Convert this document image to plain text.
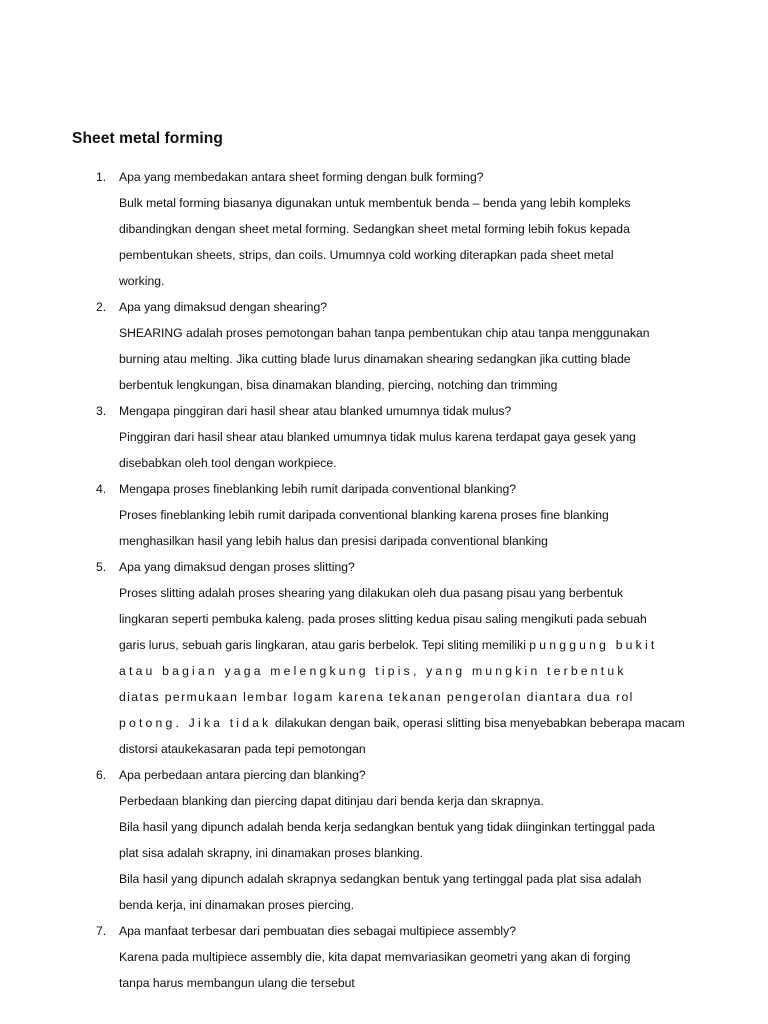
Sheet metal forming
1. Apa yang membedakan antara sheet forming dengan bulk forming?
Bulk metal forming biasanya digunakan untuk membentuk benda – benda yang lebih kompleks
dibandingkan dengan sheet metal forming. Sedangkan sheet metal forming lebih fokus kepada
pembentukan sheets, strips, dan coils. Umumnya cold working diterapkan pada sheet metal
working.
2. Apa yang dimaksud dengan shearing?
SHEARING adalah proses pemotongan bahan tanpa pembentukan chip atau tanpa menggunakan
burning atau melting. Jika cutting blade lurus dinamakan shearing sedangkan jika cutting blade
berbentuk lengkungan, bisa dinamakan blanding, piercing, notching dan trimming
3. Mengapa pinggiran dari hasil shear atau blanked umumnya tidak mulus?
Pinggiran dari hasil shear atau blanked umumnya tidak mulus karena terdapat gaya gesek yang
disebabkan oleh tool dengan workpiece.
4. Mengapa proses fineblanking lebih rumit daripada conventional blanking?
Proses fineblanking lebih rumit daripada conventional blanking karena proses fine blanking
menghasilkan hasil yang lebih halus dan presisi daripada conventional blanking
5. Apa yang dimaksud dengan proses slitting?
Proses slitting adalah proses shearing yang dilakukan oleh dua pasang pisau yang berbentuk
lingkaran seperti pembuka kaleng. pada proses slitting kedua pisau saling mengikuti pada sebuah
garis lurus, sebuah garis lingkaran, atau garis berbelok. Tepi sliting memiliki punggung bukit
atau bagian yaga melengkung tipis, yang mungkin terbentuk
diatas permukaan lembar logam karena tekanan pengerolan diantara dua rol
potong. Jika tidak dilakukan dengan baik, operasi slitting bisa menyebabkan beberapa macam
distorsi ataukekasaran pada tepi pemotongan
6. Apa perbedaan antara piercing dan blanking?
Perbedaan blanking dan piercing dapat ditinjau dari benda kerja dan skrapnya.
Bila hasil yang dipunch adalah benda kerja sedangkan bentuk yang tidak diinginkan tertinggal pada
plat sisa adalah skrapny, ini dinamakan proses blanking.
Bila hasil yang dipunch adalah skrapnya sedangkan bentuk yang tertinggal pada plat sisa adalah
benda kerja, ini dinamakan proses piercing.
7. Apa manfaat terbesar dari pembuatan dies sebagai multipiece assembly?
Karena pada multipiece assembly die, kita dapat memvariasikan geometri yang akan di forging
tanpa harus membangun ulang die tersebut
